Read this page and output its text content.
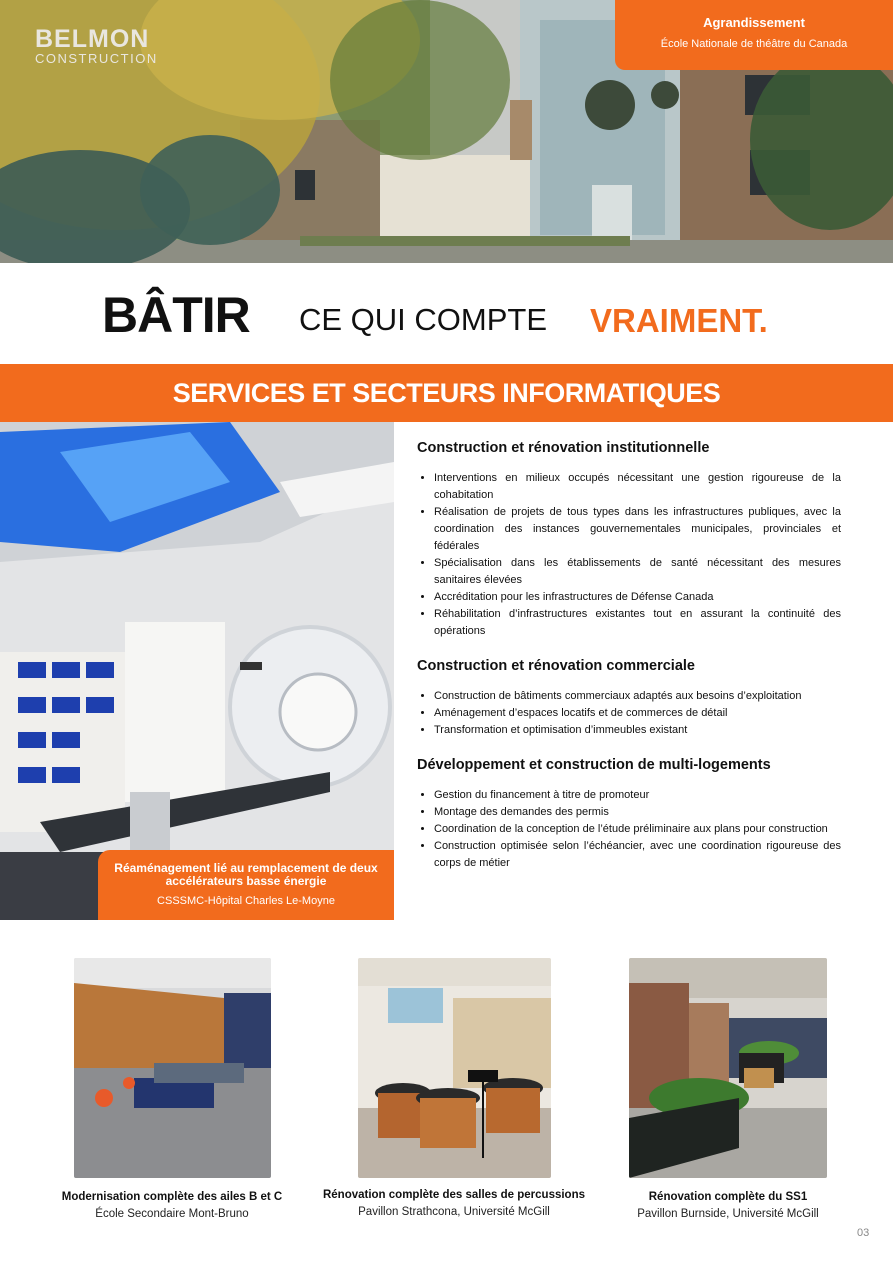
BELMON
CONSTRUCTION
Agrandissement
École Nationale de théâtre du Canada
BÂTIR CE QUI COMPTE VRAIMENT.
SERVICES ET SECTEURS INFORMATIQUES
Réaménagement lié au remplacement de deux accélérateurs basse énergie
CSSSMC-Hôpital Charles Le-Moyne
Construction et rénovation institutionnelle
• Interventions en milieux occupés nécessitant une gestion rigoureuse de la cohabitation
• Réalisation de projets de tous types dans les infrastructures publiques, avec la coordination des instances gouvernementales municipales, provinciales et fédérales
• Spécialisation dans les établissements de santé nécessitant des mesures sanitaires élevées
• Accréditation pour les infrastructures de Défense Canada
• Réhabilitation d’infrastructures existantes tout en assurant la continuité des opérations
Construction et rénovation commerciale
• Construction de bâtiments commerciaux adaptés aux besoins d’exploitation
• Aménagement d’espaces locatifs et de commerces de détail
• Transformation et optimisation d’immeubles existant
Développement et construction de multi-logements
• Gestion du financement à titre de promoteur
• Montage des demandes des permis
• Coordination de la conception de l’étude préliminaire aux plans pour construction
• Construction optimisée selon l’échéancier, avec une coordination rigoureuse des corps de métier
Modernisation complète des ailes B et C
École Secondaire Mont-Bruno
Rénovation complète des salles de percussions
Pavillon Strathcona, Université McGill
Rénovation complète du SS1
Pavillon Burnside, Université McGill
03
